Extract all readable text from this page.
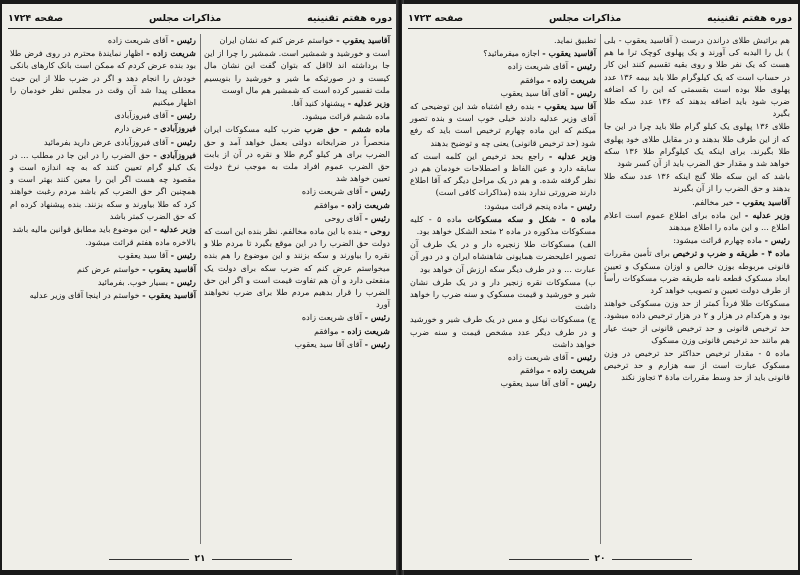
دوره هفتم تقنینیه
مذاکرات مجلس
صفحه ۱۷۲۴

آقاسید یعقوب - خواستم عرض کنم که نشان ایران

است و خورشید و شمشیر است. شمشیر را چرا از این جا برداشته اند لااقل که بتوان گفت این نشان مال کیست و در صورتیکه ما شیر و خورشید را بنویسیم ملت تفسیر کرده است که شمشیر هم مال اوست

وزیر عدلیه - پیشنهاد کنید آقا.

ماده ششم قرائت میشود.

ماده ششم - حق ضرب ضرب کلیه مسکوکات ایران منحصراً در ضرابخانه دولتی بعمل خواهد آمد و حق الضرب برای هر کیلو گرم طلا و نقره در آن از بابت حق الضرب عموم افراد ملت به موجب نرخ دولت تعیین خواهد شد

رئیس - آقای شریعت زاده

شریعت زاده - موافقم

رئیس - آقای روحی

روحی - بنده با این ماده مخالفم. نظر بنده این است که دولت حق الضرب را در این موقع بگیرد تا مردم طلا و نقره را بیاورند و سکه بزنند و این موضوع را هم بنده میخواستم عرض کنم که ضرب سکه برای دولت یک منفعتی دارد و آن هم تفاوت قیمت است و اگر این حق الضرب را قرار بدهیم مردم طلا برای ضرب نخواهند آورد

رئیس - آقای شریعت زاده

شریعت زاده - موافقم

رئیس - آقای آقا سید یعقوب

رئیس - آقای شریعت زاده

شریعت زاده - اظهار نمایندهٔ محترم در روی فرض طلا بود بنده عرض کردم که ممکن است بانک کارهای بانکی خودش را انجام دهد و اگر در ضرب طلا از این حیث معطلی پیدا شد آن وقت در مجلس نظر خودمان را اظهار میکنیم

رئیس - آقای فیروزآبادی

فیروزآبادی - عرض دارم

رئیس - آقای فیروزآبادی عرض دارید بفرمائید

فیروزآبادی - حق الضرب را در این جا در مطلب ... در یک کیلو گرام تعیین کنند که به چه اندازه است و مقصود چه هست اگر این را معین کنند بهتر است و همچنین اگر حق الضرب کم باشد مردم رغبت خواهند کرد که طلا بیاورند و سکه بزنند. بنده پیشنهاد کرده ام که حق الضرب کمتر باشد

وزیر عدلیه - این موضوع باید مطابق قوانین مالیه باشد

بالاخره ماده هفتم قرائت میشود.

رئیس - آقا سید یعقوب

آقاسید یعقوب - خواستم عرض کنم

رئیس - بسیار خوب. بفرمائید

آقاسید یعقوب - خواستم در اینجا آقای وزیر عدلیه

۲۱
دوره هفتم تقنینیه
مذاکرات مجلس
صفحه ۱۷۲۳

هم براتیش طلای دراندن درست ( آقاسید یعقوب - بلی ) بل را الیدبه کی آورند و یک پهلوی کوچک ترا ما هم هست که یک نفر طلا و روی بقیه تقسیم کنند این کار در حساب است که یک کیلوگرام طلا باید بیمه ۱۳۶ عدد پهلوی طلا بوده است بقسمتی که این را که اضافه ضرب شود باید اضافه بدهند که ۱۳۶ عدد سکه طلا بگیرد

طلای ۱۳۶ پهلوی یک کیلو گرام طلا باید چرا در این جا که از این طرف طلا بدهند و در مقابل طلای خود پهلوی طلا بگیرند. برای اینکه یک کیلوگرام طلا ۱۳۶ سکه خواهد شد و مقدار حق الضرب باید از آن کسر شود

باشد که این سکه طلا گنج اینکه ۱۳۶ عدد سکه طلا بدهند و حق الضرب را از آن بگیرند

آقاسید یعقوب - خیر مخالفم.

وزیر عدلیه - این ماده برای اطلاع عموم است اعلام اطلاع ... و این ماده را اطلاع میدهند

رئیس - ماده چهارم قرائت میشود:

ماده ۴ - طریقه و ضرب و ترخیص برای تأمین مقررات قانونی مربوطه بوزن خالص و اوزان مسکوک و تعیین ابعاد مسکوک قطعه نامه طریقه ضرب مسکوکات رأساً از طرف دولت تعیین و تصویب خواهد کرد

مسکوکات طلا فرداً کمتر از حد وزن مسکوکی خواهند بود و هرکدام در هزار و ۲ در هزار ترخیص داده میشود. حد ترخیص قانونی و حد ترخیص قانونی از حیث عیار هم مانند حد ترخیص قانونی وزن مسکوک

ماده ۵ - مقدار ترخیص حداکثر حد ترخیص در وزن مسکوک عبارت است از سه هزارم و حد ترخیص قانونی باید از حد وسط مقررات مادهٔ ۳ تجاوز نکند

تطبیق نماید.

آقاسید یعقوب - اجازه میفرمائید؟

رئیس - آقای شریعت زاده

شریعت زاده - موافقم

رئیس - آقای آقا سید یعقوب

آقا سید یعقوب - بنده رفع اشتباه شد این توضیحی که آقای وزیر عدلیه دادند خیلی خوب است و بنده تصور میکنم که این ماده چهارم ترخیص است باید که رفع شود (حد ترخیص قانونی) یعنی چه و توضیح بدهند

وزیر عدلیه - راجع بحد ترخیص این کلمه است که سابقه دارد و عین الفاظ و اصطلاحات خودمان هم در نظر گرفته شده. و هم در یک مراحل دیگر که آقا اطلاع دارند ضرورتی ندارد بنده (مذاکرات کافی است)

رئیس - ماده پنجم قرائت میشود:

ماده ۵ - شکل و سکه مسکوکات ماده ۵ - کلیه مسکوکات مذکوره در ماده ۲ متحد الشکل خواهد بود.

الف) مسکوکات طلا زنجیره دار و در یک طرف آن تصویر اعلیحضرت همایونی شاهنشاه ایران و در دور آن عبارت ... و در طرف دیگر سکه ارزش آن خواهد بود

ب) مسکوکات نقره زنجیر دار و در یک طرف نشان شیر و خورشید و قیمت مسکوک و سنه ضرب را خواهد داشت

ج) مسکوکات نیکل و مس در یک طرف شیر و خورشید و در طرف دیگر عدد مشخص قیمت و سنه ضرب خواهد داشت

رئیس - آقای شریعت زاده

شریعت زاده - موافقم

رئیس - آقای آقا سید یعقوب

۲۰
